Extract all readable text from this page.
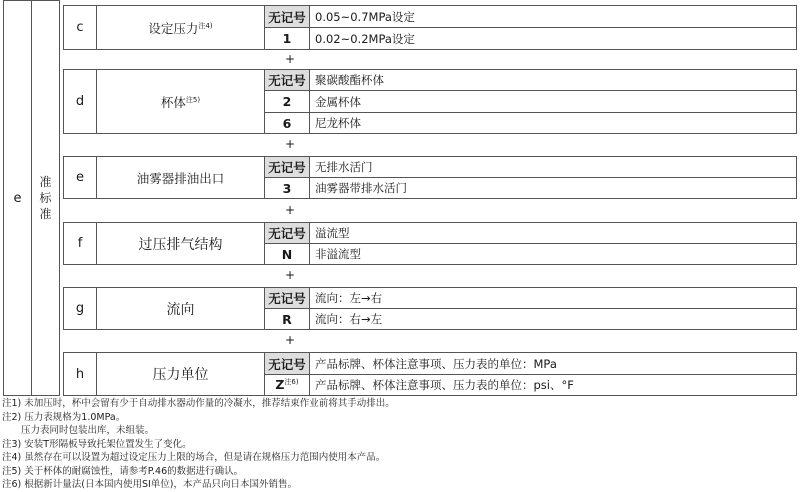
e
准
标
准
c	设定压力$^{注4)}$
无记号 0.05~0.7MPa设定
1 0.02~0.2MPa设定
+
d	杯体$^{注5)}$
无记号 聚碳酸酯杯体
2 金属杯体
6 尼龙杯体
+
e	油雾器排油出口
无记号 无排水活门
3 油雾器带排水活门
+
f	过压排气结构
无记号 溢流型
N 非溢流型
+
g	流向
无记号 流向：左→右
R 流向：右→左
+
h	压力单位
无记号 产品标牌、杯体注意事项、压力表的单位：MPa
$Z^{注6)}$ 产品标牌、杯体注意事项、压力表的单位：psi、°F
注1) 未加压时，杯中会留有少于自动排水器动作量的冷凝水，推荐结束作业前将其手动排出。
注2) 压力表规格为1.0MPa。
　　压力表同时包装出库，未组装。
注3) 安装T形隔板导致托架位置发生了变化。
注4) 虽然存在可以设置为超过设定压力上限的场合，但是请在规格压力范围内使用本产品。
注5) 关于杯体的耐腐蚀性，请参考P.46的数据进行确认。
注6) 根据新计量法(日本国内使用SI单位)，本产品只向日本国外销售。
